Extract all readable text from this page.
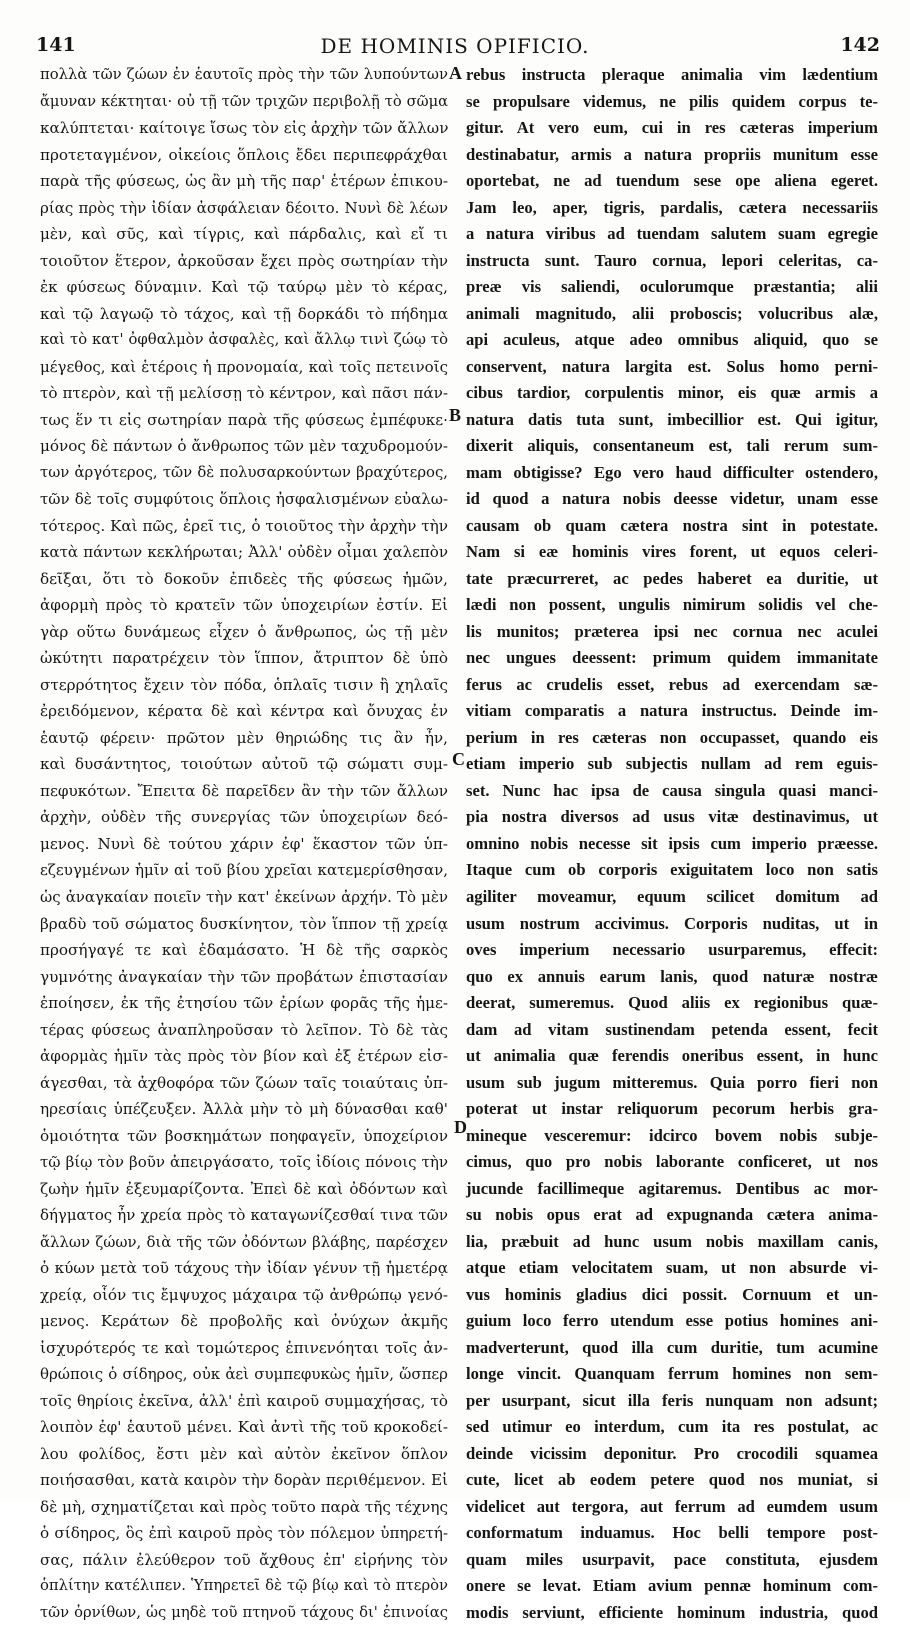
141	DE HOMINIS OPIFICIO.	142
πολλὰ τῶν ζώων ἐν ἑαυτοῖς πρὸς τὴν τῶν λυπούντων
ἄμυναν κέκτηται· οὐ τῇ τῶν τριχῶν περιβολῇ τὸ σῶμα
καλύπτεται· καίτοιγε ἴσως τὸν εἰς ἀρχὴν τῶν ἄλλων
προτεταγμένον, οἰκείοις ὅπλοις ἔδει περιπεφράχθαι
παρὰ τῆς φύσεως, ὡς ἂν μὴ τῆς παρ' ἑτέρων ἐπικου-
ρίας πρὸς τὴν ἰδίαν ἀσφάλειαν δέοιτο. Νυνὶ δὲ λέων
μὲν, καὶ σῦς, καὶ τίγρις, καὶ πάρδαλις, καὶ εἴ τι
τοιοῦτον ἕτερον, ἀρκοῦσαν ἔχει πρὸς σωτηρίαν τὴν
ἐκ φύσεως δύναμιν. Καὶ τῷ ταύρῳ μὲν τὸ κέρας,
καὶ τῷ λαγωῷ τὸ τάχος, καὶ τῇ δορκάδι τὸ πήδημα
καὶ τὸ κατ' ὀφθαλμὸν ἀσφαλὲς, καὶ ἄλλῳ τινὶ ζώῳ τὸ
μέγεθος, καὶ ἑτέροις ἡ προνομαία, καὶ τοῖς πετεινοῖς
τὸ πτερὸν, καὶ τῇ μελίσσῃ τὸ κέντρον, καὶ πᾶσι πάν-
τως ἕν τι εἰς σωτηρίαν παρὰ τῆς φύσεως ἐμπέφυκε·
μόνος δὲ πάντων ὁ ἄνθρωπος τῶν μὲν ταχυδρομούν-
των ἀργότερος, τῶν δὲ πολυσαρκούντων βραχύτερος,
τῶν δὲ τοῖς συμφύτοις ὅπλοις ἠσφαλισμένων εὐαλω-
τότερος. Καὶ πῶς, ἐρεῖ τις, ὁ τοιοῦτος τὴν ἀρχὴν τὴν
κατὰ πάντων κεκλήρωται; Ἀλλ' οὐδὲν οἶμαι χαλεπὸν
δεῖξαι, ὅτι τὸ δοκοῦν ἐπιδεὲς τῆς φύσεως ἡμῶν,
ἀφορμὴ πρὸς τὸ κρατεῖν τῶν ὑποχειρίων ἐστίν. Εἰ
γὰρ οὕτω δυνάμεως εἶχεν ὁ ἄνθρωπος, ὡς τῇ μὲν
ὠκύτητι παρατρέχειν τὸν ἵππον, ἄτριπτον δὲ ὑπὸ
στερρότητος ἔχειν τὸν πόδα, ὁπλαῖς τισιν ἢ χηλαῖς
ἐρειδόμενον, κέρατα δὲ καὶ κέντρα καὶ ὄνυχας ἐν
ἑαυτῷ φέρειν· πρῶτον μὲν θηριώδης τις ἂν ἦν,
καὶ δυσάντητος, τοιούτων αὐτοῦ τῷ σώματι συμ-
πεφυκότων. Ἔπειτα δὲ παρεῖδεν ἂν τὴν τῶν ἄλλων
ἀρχὴν, οὐδὲν τῆς συνεργίας τῶν ὑποχειρίων δεό-
μενος. Νυνὶ δὲ τούτου χάριν ἐφ' ἕκαστον τῶν ὑπ-
εζευγμένων ἡμῖν αἱ τοῦ βίου χρεῖαι κατεμερίσθησαν,
ὡς ἀναγκαίαν ποιεῖν τὴν κατ' ἐκείνων ἀρχήν. Τὸ μὲν
βραδὺ τοῦ σώματος δυσκίνητον, τὸν ἵππον τῇ χρείᾳ
προσήγαγέ τε καὶ ἐδαμάσατο. Ἡ δὲ τῆς σαρκὸς
γυμνότης ἀναγκαίαν τὴν τῶν προβάτων ἐπιστασίαν
ἐποίησεν, ἐκ τῆς ἐτησίου τῶν ἐρίων φορᾶς τῆς ἡμε-
τέρας φύσεως ἀναπληροῦσαν τὸ λεῖπον. Τὸ δὲ τὰς
ἀφορμὰς ἡμῖν τὰς πρὸς τὸν βίον καὶ ἐξ ἑτέρων εἰσ-
άγεσθαι, τὰ ἀχθοφόρα τῶν ζώων ταῖς τοιαύταις ὑπ-
ηρεσίαις ὑπέζευξεν. Ἀλλὰ μὴν τὸ μὴ δύνασθαι καθ'
ὁμοιότητα τῶν βοσκημάτων ποηφαγεῖν, ὑποχείριον
τῷ βίῳ τὸν βοῦν ἀπειργάσατο, τοῖς ἰδίοις πόνοις τὴν
ζωὴν ἡμῖν ἐξευμαρίζοντα. Ἐπεὶ δὲ καὶ ὀδόντων καὶ
δήγματος ἦν χρεία πρὸς τὸ καταγωνίζεσθαί τινα τῶν
ἄλλων ζώων, διὰ τῆς τῶν ὀδόντων βλάβης, παρέσχεν
ὁ κύων μετὰ τοῦ τάχους τὴν ἰδίαν γένυν τῇ ἡμετέρᾳ
χρείᾳ, οἷόν τις ἔμψυχος μάχαιρα τῷ ἀνθρώπῳ γενό-
μενος. Κεράτων δὲ προβολῆς καὶ ὀνύχων ἀκμῆς
ἰσχυρότερός τε καὶ τομώτερος ἐπινενόηται τοῖς ἀν-
θρώποις ὁ σίδηρος, οὐκ ἀεὶ συμπεφυκὼς ἡμῖν, ὥσπερ
τοῖς θηρίοις ἐκεῖνα, ἀλλ' ἐπὶ καιροῦ συμμαχήσας, τὸ
λοιπὸν ἐφ' ἑαυτοῦ μένει. Καὶ ἀντὶ τῆς τοῦ κροκοδεί-
λου φολίδος, ἔστι μὲν καὶ αὐτὸν ἐκεῖνον ὅπλον
ποιήσασθαι, κατὰ καιρὸν τὴν δορὰν περιθέμενον. Εἰ
δὲ μὴ, σχηματίζεται καὶ πρὸς τοῦτο παρὰ τῆς τέχνης
ὁ σίδηρος, ὃς ἐπὶ καιροῦ πρὸς τὸν πόλεμον ὑπηρετή-
σας, πάλιν ἐλεύθερον τοῦ ἄχθους ἐπ' εἰρήνης τὸν
ὁπλίτην κατέλιπεν. Ὑπηρετεῖ δὲ τῷ βίῳ καὶ τὸ πτερὸν
τῶν ὀρνίθων, ὡς μηδὲ τοῦ πτηνοῦ τάχους δι' ἐπινοίας
rebus instructa pleraque animalia vim lædentium
se propulsare videmus, ne pilis quidem corpus te-
gitur. At vero eum, cui in res cæteras imperium
destinabatur, armis a natura propriis munitum esse
oportebat, ne ad tuendum sese ope aliena egeret.
Jam leo, aper, tigris, pardalis, cætera necessariis
a natura viribus ad tuendam salutem suam egregie
instructa sunt. Tauro cornua, lepori celeritas, ca-
preæ vis saliendi, oculorumque præstantia; alii
animali magnitudo, alii proboscis; volucribus alæ,
api aculeus, atque adeo omnibus aliquid, quo se
conservent, natura largita est. Solus homo perni-
cibus tardior, corpulentis minor, eis quæ armis a
natura datis tuta sunt, imbecillior est. Qui igitur,
dixerit aliquis, consentaneum est, tali rerum sum-
mam obtigisse? Ego vero haud difficulter ostendero,
id quod a natura nobis deesse videtur, unam esse
causam ob quam cætera nostra sint in potestate.
Nam si eæ hominis vires forent, ut equos celeri-
tate præcurreret, ac pedes haberet ea duritie, ut
lædi non possent, ungulis nimirum solidis vel che-
lis munitos; præterea ipsi nec cornua nec aculei
nec ungues deessent: primum quidem immanitate
ferus ac crudelis esset, rebus ad exercendam sæ-
vitiam comparatis a natura instructus. Deinde im-
perium in res cæteras non occupasset, quando eis
etiam imperio sub subjectis nullam ad rem eguis-
set. Nunc hac ipsa de causa singula quasi manci-
pia nostra diversos ad usus vitæ destinavimus, ut
omnino nobis necesse sit ipsis cum imperio præesse.
Itaque cum ob corporis exiguitatem loco non satis
agiliter moveamur, equum scilicet domitum ad
usum nostrum accivimus. Corporis nuditas, ut in
oves imperium necessario usurparemus, effecit:
quo ex annuis earum lanis, quod naturæ nostræ
deerat, sumeremus. Quod aliis ex regionibus quæ-
dam ad vitam sustinendam petenda essent, fecit
ut animalia quæ ferendis oneribus essent, in hunc
usum sub jugum mitteremus. Quia porro fieri non
poterat ut instar reliquorum pecorum herbis gra-
mineque vesceremur: idcirco bovem nobis subje-
cimus, quo pro nobis laborante conficeret, ut nos
jucunde facillimeque agitaremus. Dentibus ac mor-
su nobis opus erat ad expugnanda cætera anima-
lia, præbuit ad hunc usum nobis maxillam canis,
atque etiam velocitatem suam, ut non absurde vi-
vus hominis gladius dici possit. Cornuum et un-
guium loco ferro utendum esse potius homines ani-
madverterunt, quod illa cum duritie, tum acumine
longe vincit. Quanquam ferrum homines non sem-
per usurpant, sicut illa feris nunquam non adsunt;
sed utimur eo interdum, cum ita res postulat, ac
deinde vicissim deponitur. Pro crocodili squamea
cute, licet ab eodem petere quod nos muniat, si
videlicet aut tergora, aut ferrum ad eumdem usum
conformatum induamus. Hoc belli tempore post-
quam miles usurpavit, pace constituta, ejusdem
onere se levat. Etiam avium pennæ hominum com-
modis serviunt, efficiente hominum industria, quod
A
B
C
D
